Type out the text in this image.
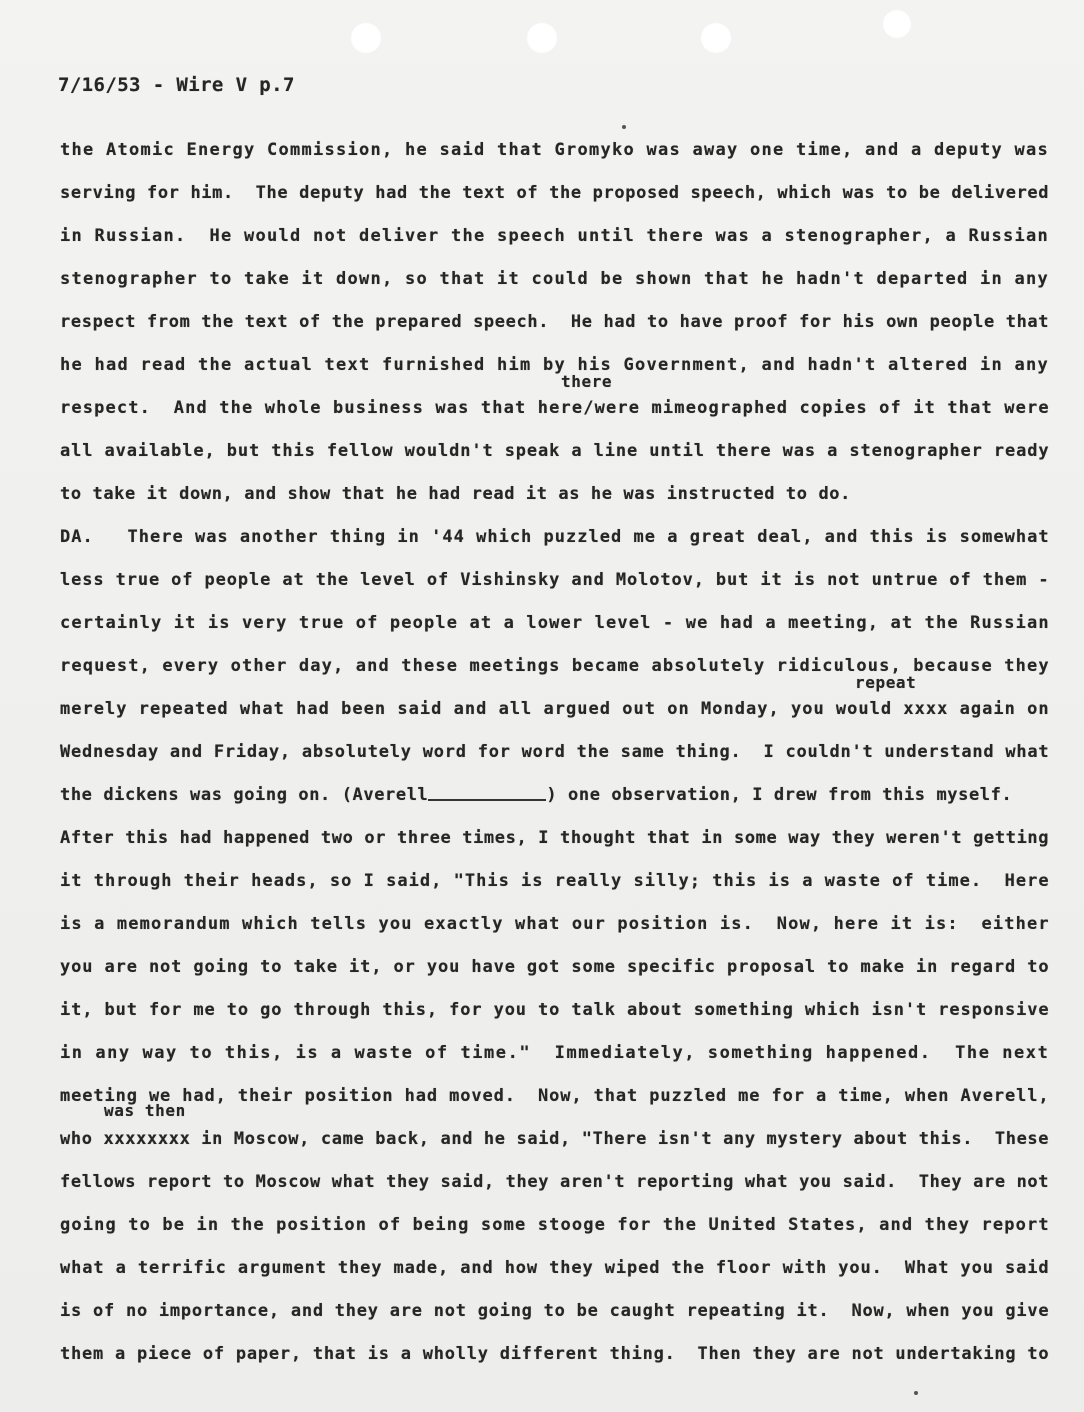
7/16/53 - Wire V p.7
there
repeat
was then
the Atomic Energy Commission, he said that Gromyko was away one time, and a deputy was
serving for him.  The deputy had the text of the proposed speech, which was to be delivered
in Russian.  He would not deliver the speech until there was a stenographer, a Russian
stenographer to take it down, so that it could be shown that he hadn't departed in any
respect from the text of the prepared speech.  He had to have proof for his own people that
he had read the actual text furnished him by his Government, and hadn't altered in any
respect.  And the whole business was that here/were mimeographed copies of it that were
all available, but this fellow wouldn't speak a line until there was a stenographer ready
to take it down, and show that he had read it as he was instructed to do.
DA.   There was another thing in '44 which puzzled me a great deal, and this is somewhat
less true of people at the level of Vishinsky and Molotov, but it is not untrue of them -
certainly it is very true of people at a lower level - we had a meeting, at the Russian
request, every other day, and these meetings became absolutely ridiculous, because they
merely repeated what had been said and all argued out on Monday, you would xxxx again on
Wednesday and Friday, absolutely word for word the same thing.  I couldn't understand what
the dickens was going on. (Averell	) one observation, I drew from this myself.
After this had happened two or three times, I thought that in some way they weren't getting
it through their heads, so I said, "This is really silly; this is a waste of time.  Here
is a memorandum which tells you exactly what our position is.  Now, here it is:  either
you are not going to take it, or you have got some specific proposal to make in regard to
it, but for me to go through this, for you to talk about something which isn't responsive
in any way to this, is a waste of time."  Immediately, something happened.  The next
meeting we had, their position had moved.  Now, that puzzled me for a time, when Averell,
who xxxxxxxx in Moscow, came back, and he said, "There isn't any mystery about this.  These
fellows report to Moscow what they said, they aren't reporting what you said.  They are not
going to be in the position of being some stooge for the United States, and they report
what a terrific argument they made, and how they wiped the floor with you.  What you said
is of no importance, and they are not going to be caught repeating it.  Now, when you give
them a piece of paper, that is a wholly different thing.  Then they are not undertaking to
